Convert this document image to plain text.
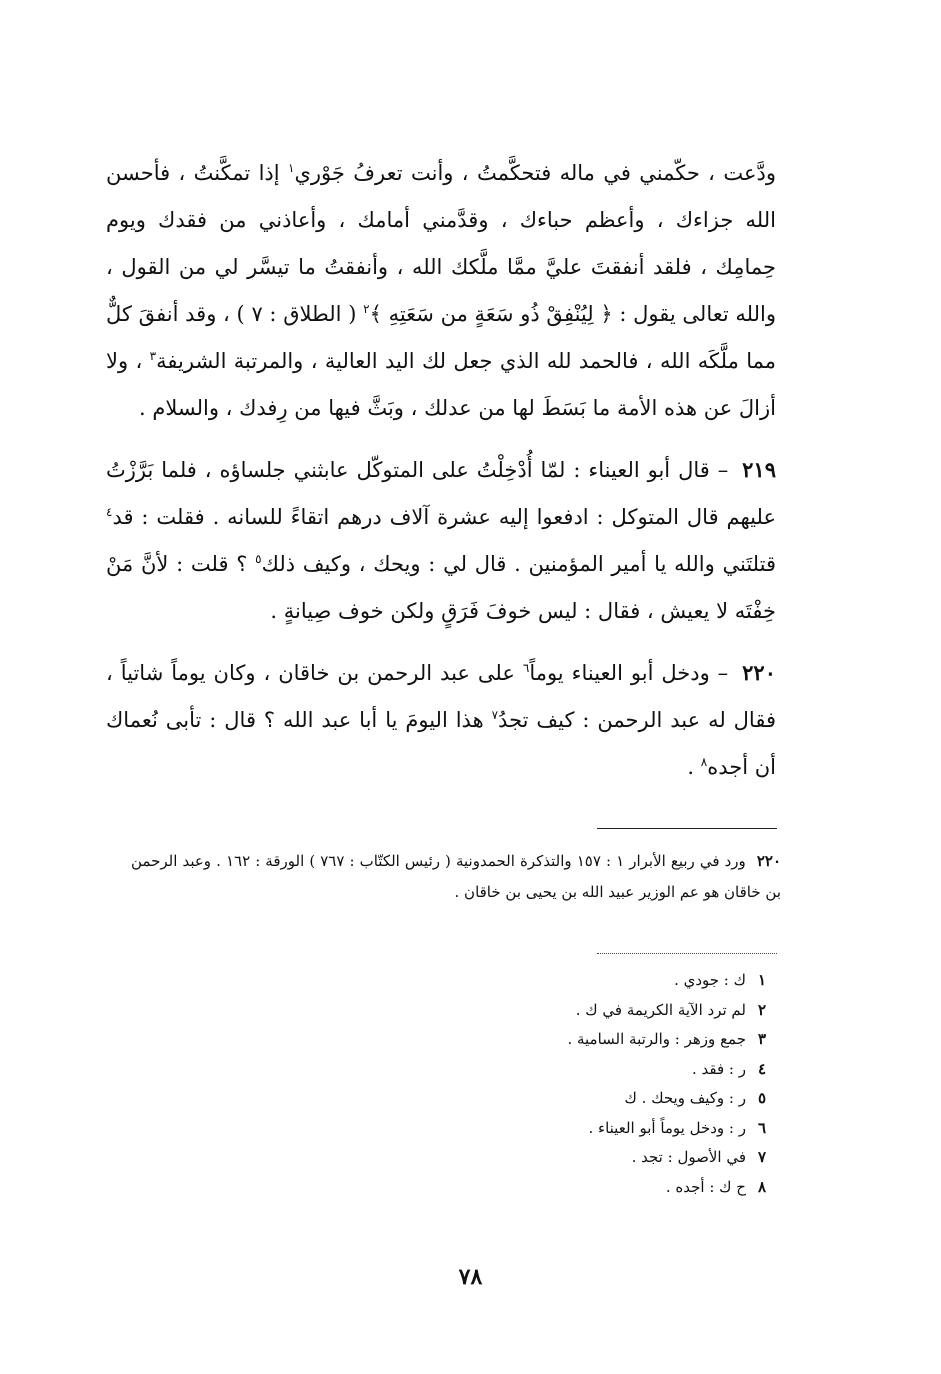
ودَّعت ، حكّمني في ماله فتحكَّمتُ ، وأنت تعرفُ جَوْري$^١$ إذا تمكَّنتُ ، فأحسن الله جزاءك ، وأعظم حباءك ، وقدَّمني أمامك ، وأعاذني من فقدك ويوم حِمامِك ، فلقد أنفقتَ عليَّ ممَّا ملَّكك الله ، وأنفقتُ ما تيسَّر لي من القول ، والله تعالى يقول : ﴿ لِيُنْفِقْ ذُو سَعَةٍ من سَعَتِهِ ﴾$^٢$ ( الطلاق : ٧ ) ، وقد أنفقَ كلٌّ مما ملَّكَه الله ، فالحمد لله الذي جعل لك اليد العالية ، والمرتبة الشريفة$^٣$ ، ولا أزالَ عن هذه الأمة ما بَسَطَ لها من عدلك ، وبَثَّ فيها من رِفدك ، والسلام .

٢١٩ – قال أبو العيناء : لمّا أُدْخِلْتُ على المتوكّل عابثني جلساؤه ، فلما بَرَّزْتُ عليهم قال المتوكل : ادفعوا إليه عشرة آلاف درهم اتقاءً للسانه . فقلت : قد$^٤$ قتلتَني والله يا أمير المؤمنين . قال لي : ويحك ، وكيف ذلك$^٥$ ؟ قلت : لأنَّ مَنْ خِفْتَه لا يعيش ، فقال : ليس خوفَ فَرَقٍ ولكن خوف صِيانةٍ .

٢٢٠ – ودخل أبو العيناء يوماً$^٦$ على عبد الرحمن بن خاقان ، وكان يوماً شاتياً ، فقال له عبد الرحمن : كيف تجدُ$^٧$ هذا اليومَ يا أبا عبد الله ؟ قال : تأبى نُعماك أن أجده$^٨$ .

٢٢٠ ورد في ربيع الأبرار ١ : ١٥٧ والتذكرة الحمدونية ( رئيس الكتّاب : ٧٦٧ ) الورقة : ١٦٢ . وعبد الرحمن بن خاقان هو عم الوزير عبيد الله بن يحيى بن خاقان .
١
ك : جودي .
٢
لم ترد الآية الكريمة في ك .
٣
جمع وزهر : والرتبة السامية .
٤
ر : فقد .
٥
ر : وكيف ويحك . ك
٦
ر : ودخل يوماً أبو العيناء .
٧
في الأصول : تجد .
٨
ح ك : أجده .
٧٨
